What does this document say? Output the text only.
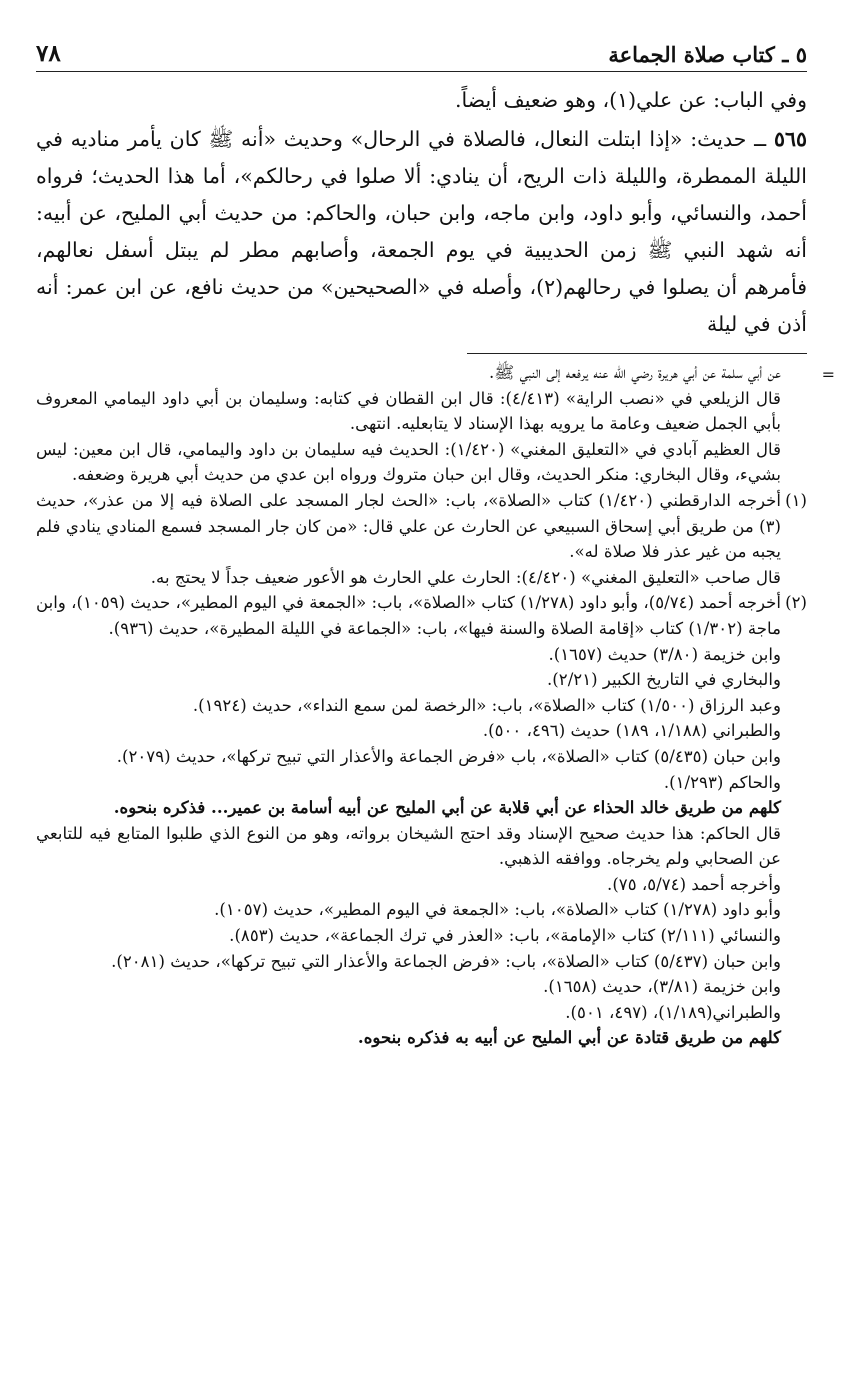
٥ ـ كتاب صلاة الجماعة
٧٨

وفي الباب: عن علي(١)، وهو ضعيف أيضاً.

٥٦٥ ــ حديث: «إذا ابتلت النعال، فالصلاة في الرحال» وحديث «أنه ﷺ كان يأمر مناديه في الليلة الممطرة، والليلة ذات الريح، أن ينادي: ألا صلوا في رحالكم»، أما هذا الحديث؛ فرواه أحمد، والنسائي، وأبو داود، وابن ماجه، وابن حبان، والحاكم: من حديث أبي المليح، عن أبيه: أنه شهد النبي ﷺ زمن الحديبية في يوم الجمعة، وأصابهم مطر لم يبتل أسفل نعالهم، فأمرهم أن يصلوا في رحالهم(٢)، وأصله في «الصحيحين» من حديث نافع، عن ابن عمر: أنه أذن في ليلة

=

عن أبي سلمة عن أبي هريرة رضي الله عنه يرفعه إلى النبي ﷺ.

قال الزيلعي في «نصب الراية» (٤/٤١٣): قال ابن القطان في كتابه: وسليمان بن أبي داود اليمامي المعروف بأبي الجمل ضعيف وعامة ما يرويه بهذا الإسناد لا يتابعليه. انتهى.

قال العظيم آبادي في «التعليق المغني» (١/٤٢٠): الحديث فيه سليمان بن داود واليمامي، قال ابن معين: ليس بشيء، وقال البخاري: منكر الحديث، وقال ابن حبان متروك ورواه ابن عدي من حديث أبي هريرة وضعفه.

(١)أخرجه الدارقطني (١/٤٢٠) كتاب «الصلاة»، باب: «الحث لجار المسجد على الصلاة فيه إلا من عذر»، حديث (٣) من طريق أبي إسحاق السبيعي عن الحارث عن علي قال: «من كان جار المسجد فسمع المنادي ينادي فلم يجبه من غير عذر فلا صلاة له».

قال صاحب «التعليق المغني» (٤/٤٢٠): الحارث علي الحارث هو الأعور ضعيف جداً لا يحتج به.

(٢)أخرجه أحمد (٥/٧٤)، وأبو داود (١/٢٧٨) كتاب «الصلاة»، باب: «الجمعة في اليوم المطير»، حديث (١٠٥٩)، وابن ماجة (١/٣٠٢) كتاب «إقامة الصلاة والسنة فيها»، باب: «الجماعة في الليلة المطيرة»، حديث (٩٣٦).

وابن خزيمة (٣/٨٠) حديث (١٦٥٧).

والبخاري في التاريخ الكبير (٢/٢١).

وعبد الرزاق (١/٥٠٠) كتاب «الصلاة»، باب: «الرخصة لمن سمع النداء»، حديث (١٩٢٤).

والطبراني (١/١٨٨، ١٨٩) حديث (٤٩٦، ٥٠٠).

وابن حبان (٥/٤٣٥) كتاب «الصلاة»، باب «فرض الجماعة والأعذار التي تبيح تركها»، حديث (٢٠٧٩).

والحاكم (١/٢٩٣).

كلهم من طريق خالد الحذاء عن أبي قلابة عن أبي المليح عن أبيه أسامة بن عمير... فذكره بنحوه.

قال الحاكم: هذا حديث صحيح الإسناد وقد احتج الشيخان برواته، وهو من النوع الذي طلبوا المتابع فيه للتابعي عن الصحابي ولم يخرجاه. ووافقه الذهبي.

وأخرجه أحمد (٥/٧٤، ٧٥).

وأبو داود (١/٢٧٨) كتاب «الصلاة»، باب: «الجمعة في اليوم المطير»، حديث (١٠٥٧).

والنسائي (٢/١١١) كتاب «الإمامة»، باب: «العذر في ترك الجماعة»، حديث (٨٥٣).

وابن حبان (٥/٤٣٧) كتاب «الصلاة»، باب: «فرض الجماعة والأعذار التي تبيح تركها»، حديث (٢٠٨١).

وابن خزيمة (٣/٨١)، حديث (١٦٥٨).

والطبراني(١/١٨٩)، (٤٩٧، ٥٠١).

كلهم من طريق قتادة عن أبي المليح عن أبيه به فذكره بنحوه.
